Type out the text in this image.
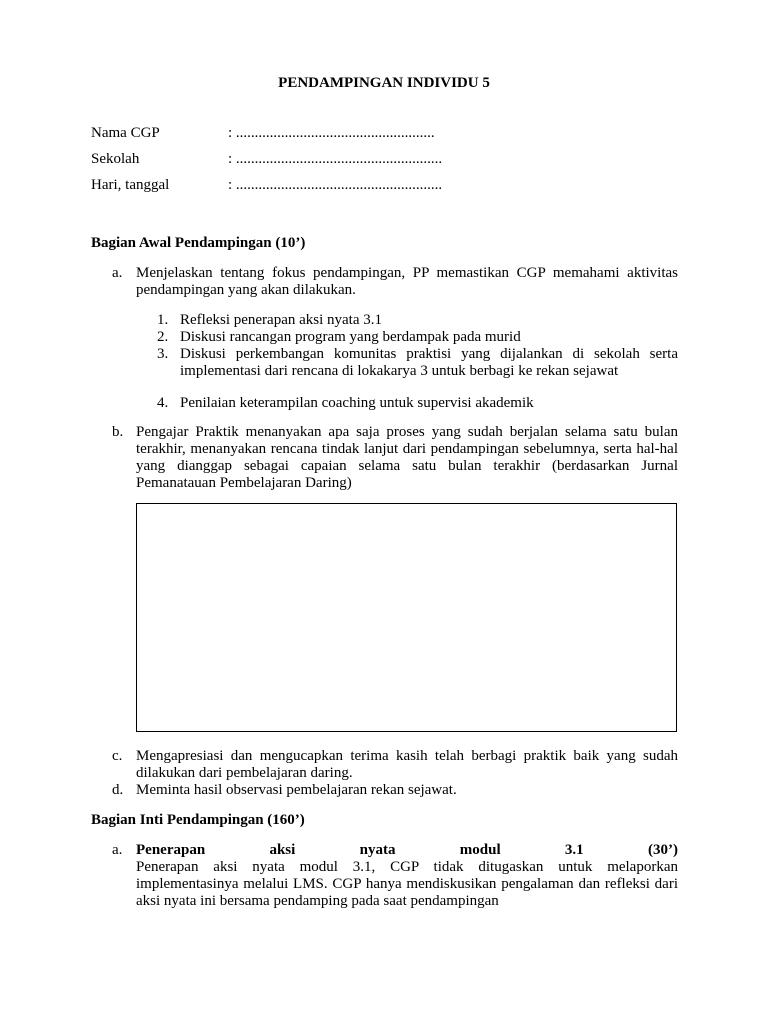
PENDAMPINGAN INDIVIDU 5
Nama CGP	: .....................................................
Sekolah	: .......................................................
Hari, tanggal	: .......................................................
Bagian Awal Pendampingan (10’)
a. Menjelaskan tentang fokus pendampingan, PP memastikan CGP memahami aktivitas pendampingan yang akan dilakukan.
1. Refleksi penerapan aksi nyata 3.1
2. Diskusi rancangan program yang berdampak pada murid
3. Diskusi perkembangan komunitas praktisi yang dijalankan di sekolah serta implementasi dari rencana di lokakarya 3 untuk berbagi ke rekan sejawat
4. Penilaian keterampilan coaching untuk supervisi akademik
b. Pengajar Praktik menanyakan apa saja proses yang sudah berjalan selama satu bulan terakhir, menanyakan rencana tindak lanjut dari pendampingan sebelumnya, serta hal-hal yang dianggap sebagai capaian selama satu bulan terakhir (berdasarkan Jurnal Pemanatauan Pembelajaran Daring)
c. Mengapresiasi dan mengucapkan terima kasih telah berbagi praktik baik yang sudah dilakukan dari pembelajaran daring.
d. Meminta hasil observasi pembelajaran rekan sejawat.
Bagian Inti Pendampingan (160’)
a. Penerapan	aksi	nyata	modul	3.1	(30’)
Penerapan aksi nyata modul 3.1, CGP tidak ditugaskan untuk melaporkan implementasinya melalui LMS. CGP hanya mendiskusikan pengalaman dan refleksi dari aksi nyata ini bersama pendamping pada saat pendampingan
